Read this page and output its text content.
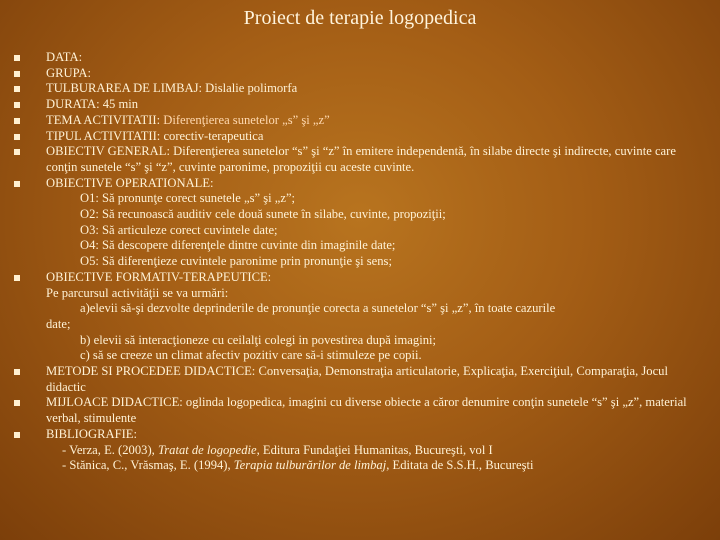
Proiect de terapie logopedica
DATA:
GRUPA:
TULBURAREA DE LIMBAJ: Dislalie polimorfa
DURATA: 45 min
TEMA ACTIVITATII: Diferenţierea sunetelor „s” şi „z”
TIPUL ACTIVITATII: corectiv-terapeutica
OBIECTIV GENERAL: Diferenţierea sunetelor “s” şi “z” în emitere independentă, în silabe directe şi indirecte, cuvinte care conţin sunetele “s” şi “z”, cuvinte paronime, propoziţii cu aceste cuvinte.
OBIECTIVE OPERATIONALE:
O1: Să pronunţe corect sunetele „s” şi „z”;
O2: Să recunoască auditiv cele două sunete în silabe, cuvinte, propoziţii;
O3: Să articuleze corect cuvintele date;
O4: Să descopere diferenţele dintre cuvinte din imaginile date;
O5: Să diferenţieze cuvintele paronime prin pronunţie şi sens;
OBIECTIVE FORMATIV-TERAPEUTICE:
Pe parcursul activităţii se va urmări:
a)elevii să-şi dezvolte deprinderile de pronunţie corecta a sunetelor “s” şi „z”, în toate cazurile
date;
b) elevii să interacţioneze cu ceilalţi colegi in povestirea după imagini;
c) să se creeze un climat afectiv pozitiv care să-i stimuleze pe copii.
METODE SI PROCEDEE DIDACTICE: Conversaţia, Demonstraţia articulatorie, Explicaţia, Exerciţiul, Comparaţia, Jocul didactic
MIJLOACE DIDACTICE: oglinda logopedica, imagini cu diverse obiecte a căror denumire conţin sunetele “s” şi „z”, material verbal, stimulente
BIBLIOGRAFIE:
- Verza, E. (2003), Tratat de logopedie, Editura Fundaţiei Humanitas, Bucureşti, vol I
- Stănica, C., Vrăsmaş, E. (1994), Terapia tulburărilor de limbaj, Editata de S.S.H., Bucureşti
